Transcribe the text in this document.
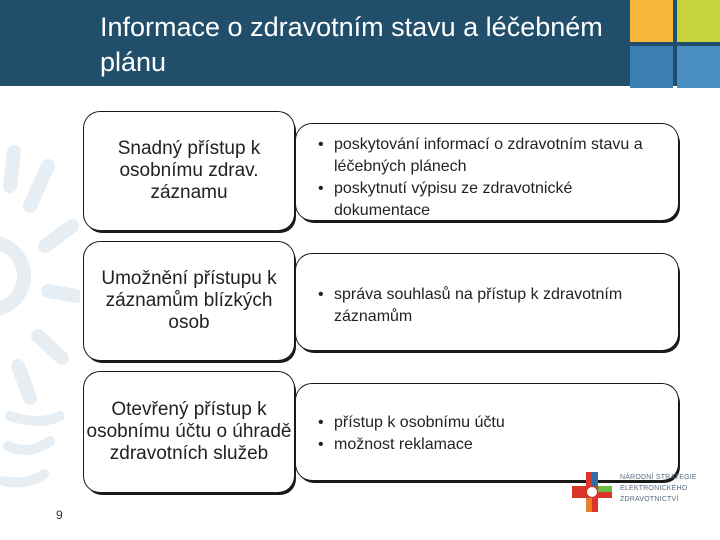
Informace o zdravotním stavu a léčebném plánu
Snadný přístup k osobnímu zdrav. záznamu
• poskytování informací o zdravotním stavu a léčebných plánech
• poskytnutí výpisu ze zdravotnické dokumentace
Umožnění přístupu k záznamům blízkých osob
• správa souhlasů na přístup k zdravotním záznamům
Otevřený přístup k osobnímu účtu o úhradě zdravotních služeb
• přístup k osobnímu účtu
• možnost reklamace
9
NÁRODNÍ STRATEGIE
ELEKTRONICKÉHO
ZDRAVOTNICTVÍ
